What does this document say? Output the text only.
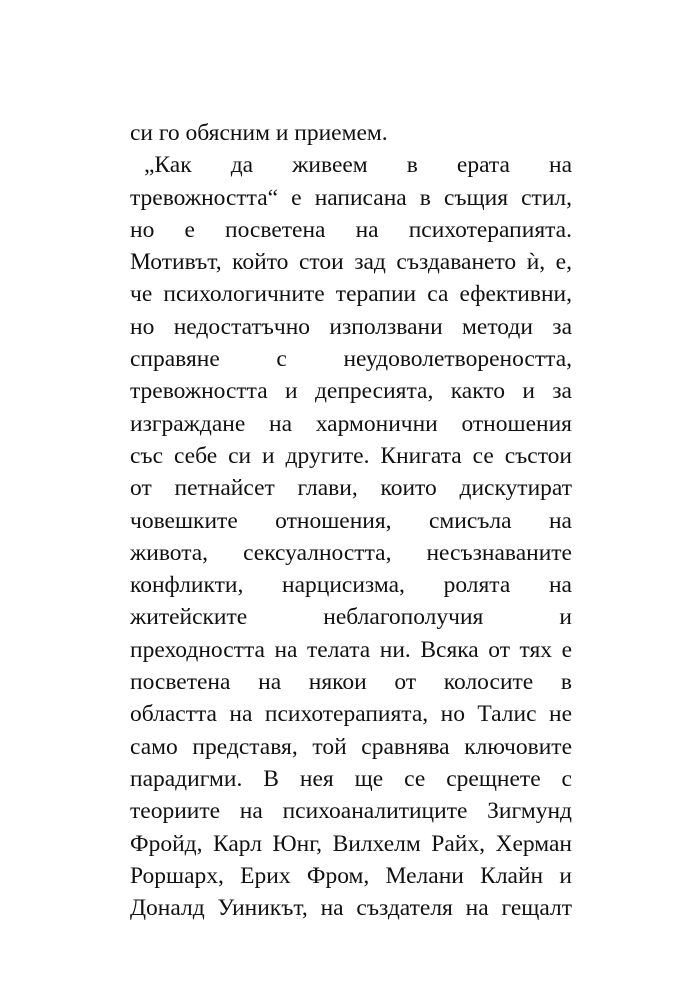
си го обясним и приемем.
„Как да живеем в ерата на
тревожността“ е написана в същия стил,
но е посветена на психотерапията.
Мотивът, който стои зад създаването ѝ, е,
че психологичните терапии са ефективни,
но недостатъчно използвани методи за
справяне с неудоволетвореността,
тревожността и депресията, както и за
изграждане на хармонични отношения
със себе си и другите. Книгата се състои
от петнайсет глави, които дискутират
човешките отношения, смисъла на
живота, сексуалността, несъзнаваните
конфликти, нарцисизма, ролята на
житейските неблагополучия и
преходността на телата ни. Всяка от тях е
посветена на някои от колосите в
областта на психотерапията, но Талис не
само представя, той сравнява ключовите
парадигми. В нея ще се срещнете с
теориите на психоаналитиците Зигмунд
Фройд, Карл Юнг, Вилхелм Райх, Херман
Роршарх, Ерих Фром, Мелани Клайн и
Доналд Уиникът, на създателя на гещалт
